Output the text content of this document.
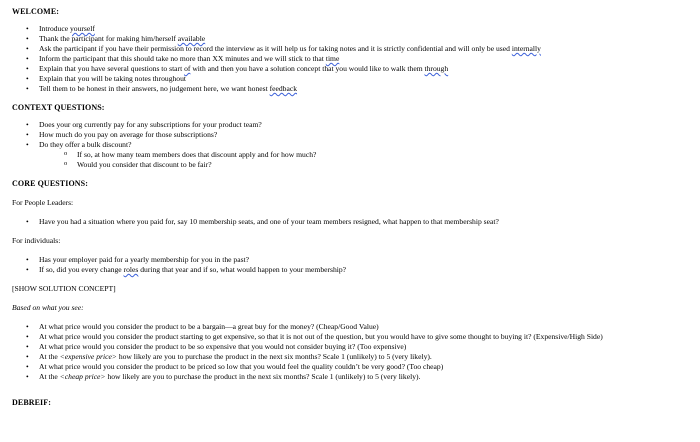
WELCOME:
• Introduce yourself
• Thank the participant for making him/herself available
• Ask the participant if you have their permission to record the interview as it will help us for taking notes and it is strictly confidential and will only be used internally
• Inform the participant that this should take no more than XX minutes and we will stick to that time
• Explain that you have several questions to start of with and then you have a solution concept that you would like to walk them through
• Explain that you will be taking notes throughout
• Tell them to be honest in their answers, no judgement here, we want honest feedback
CONTEXT QUESTIONS:
• Does your org currently pay for any subscriptions for your product team?
• How much do you pay on average for those subscriptions?
• Do they offer a bulk discount?
o If so, at how many team members does that discount apply and for how much?
o Would you consider that discount to be fair?
CORE QUESTIONS:

For People Leaders:

• Have you had a situation where you paid for, say 10 membership seats, and one of your team members resigned, what happen to that membership seat?

For individuals:

• Has your employer paid for a yearly membership for you in the past?
• If so, did you every change roles during that year and if so, what would happen to your membership?

[SHOW SOLUTION CONCEPT]

Based on what you see:

• At what price would you consider the product to be a bargain—a great buy for the money? (Cheap/Good Value)
• At what price would you consider the product starting to get expensive, so that it is not out of the question, but you would have to give some thought to buying it? (Expensive/High Side)
• At what price would you consider the product to be so expensive that you would not consider buying it? (Too expensive)
• At the <expensive price> how likely are you to purchase the product in the next six months? Scale 1 (unlikely) to 5 (very likely).
• At what price would you consider the product to be priced so low that you would feel the quality couldn’t be very good? (Too cheap)
• At the <cheap price> how likely are you to purchase the product in the next six months? Scale 1 (unlikely) to 5 (very likely).
DEBREIF:
